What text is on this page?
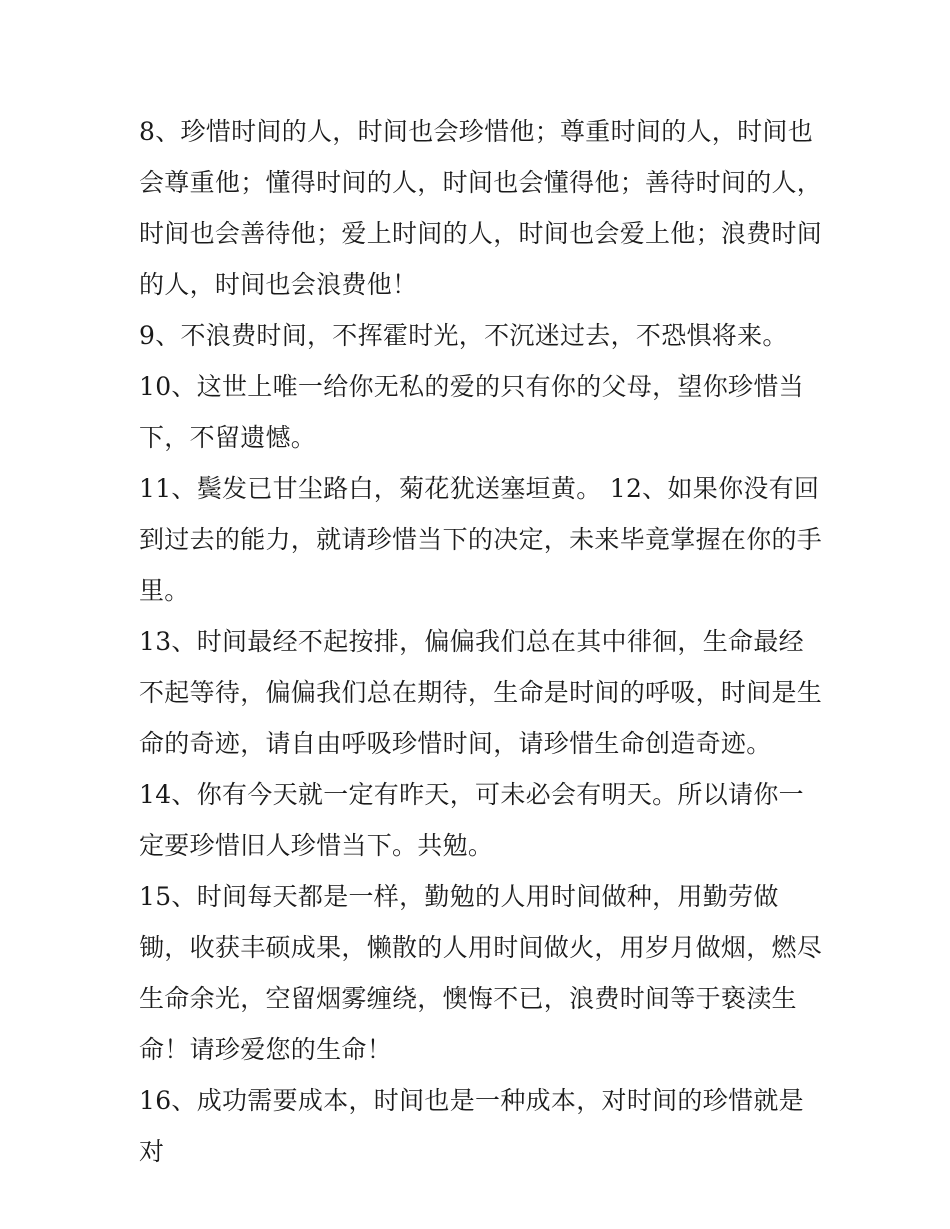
8、珍惜时间的人，时间也会珍惜他；尊重时间的人，时间也会尊重他；懂得时间的人，时间也会懂得他；善待时间的人，时间也会善待他；爱上时间的人，时间也会爱上他；浪费时间的人，时间也会浪费他！

9、不浪费时间，不挥霍时光，不沉迷过去，不恐惧将来。

10、这世上唯一给你无私的爱的只有你的父母，望你珍惜当下，不留遗憾。

11、鬓发已甘尘路白，菊花犹送塞垣黄。 12、如果你没有回到过去的能力，就请珍惜当下的决定，未来毕竟掌握在你的手里。

13、时间最经不起按排，偏偏我们总在其中徘徊，生命最经不起等待，偏偏我们总在期待，生命是时间的呼吸，时间是生命的奇迹，请自由呼吸珍惜时间，请珍惜生命创造奇迹。

14、你有今天就一定有昨天，可未必会有明天。所以请你一定要珍惜旧人珍惜当下。共勉。

15、时间每天都是一样，勤勉的人用时间做种，用勤劳做锄，收获丰硕成果，懒散的人用时间做火，用岁月做烟，燃尽生命余光，空留烟雾缠绕，懊悔不已，浪费时间等于亵渎生命！请珍爱您的生命！

16、成功需要成本，时间也是一种成本，对时间的珍惜就是对
